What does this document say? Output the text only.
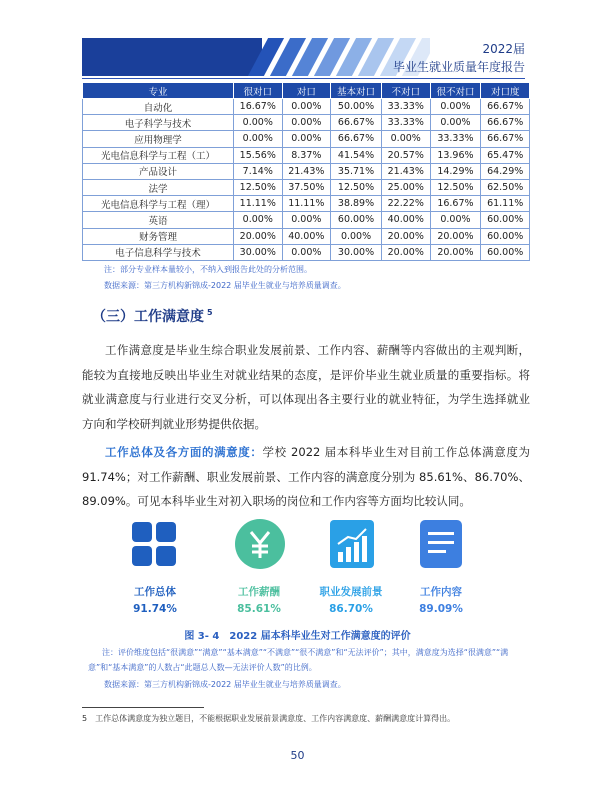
2022届
毕业生就业质量年度报告
专业	很对口	对口	基本对口	不对口	很不对口	对口度
自动化	16.67%	0.00%	50.00%	33.33%	0.00%	66.67%
电子科学与技术	0.00%	0.00%	66.67%	33.33%	0.00%	66.67%
应用物理学	0.00%	0.00%	66.67%	0.00%	33.33%	66.67%
光电信息科学与工程（工）	15.56%	8.37%	41.54%	20.57%	13.96%	65.47%
产品设计	7.14%	21.43%	35.71%	21.43%	14.29%	64.29%
法学	12.50%	37.50%	12.50%	25.00%	12.50%	62.50%
光电信息科学与工程（理）	11.11%	11.11%	38.89%	22.22%	16.67%	61.11%
英语	0.00%	0.00%	60.00%	40.00%	0.00%	60.00%
财务管理	20.00%	40.00%	0.00%	20.00%	20.00%	60.00%
电子信息科学与技术	30.00%	0.00%	30.00%	20.00%	20.00%	60.00%
注：部分专业样本量较小，不纳入到报告此处的分析范围。
数据来源：第三方机构新锦成-2022 届毕业生就业与培养质量调查。
（三）工作满意度 $^5$

工作满意度是毕业生综合职业发展前景、工作内容、薪酬等内容做出的主观判断，能较为直接地反映出毕业生对就业结果的态度，是评价毕业生就业质量的重要指标。将就业满意度与行业进行交叉分析，可以体现出各主要行业的就业特征，为学生选择就业方向和学校研判就业形势提供依据。

工作总体及各方面的满意度：学校 2022 届本科毕业生对目前工作总体满意度为 91.74%；对工作薪酬、职业发展前景、工作内容的满意度分别为 85.61%、86.70%、89.09%。可见本科毕业生对初入职场的岗位和工作内容等方面均比较认同。

工作总体
91.74%
工作薪酬
85.61%
职业发展前景
86.70%
工作内容
89.09%
图 3- 4　2022 届本科毕业生对工作满意度的评价
注：评价维度包括“很满意”“满意”“基本满意”“不满意”“很不满意”和“无法评价”；其中，满意度为选择“很满意”“满意”和“基本满意”的人数占“此题总人数—无法评价人数”的比例。
数据来源：第三方机构新锦成-2022 届毕业生就业与培养质量调查。
5　工作总体满意度为独立题目，不能根据职业发展前景满意度、工作内容满意度、薪酬满意度计算得出。
50
